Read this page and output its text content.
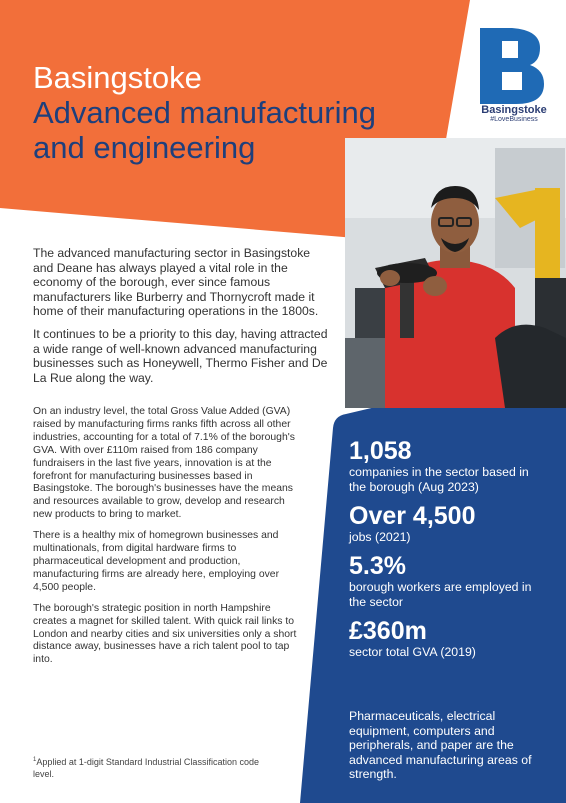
Basingstoke
Advanced manufacturing
and engineering
Basingstoke
#LoveBusiness

The advanced manufacturing sector in Basingstoke and Deane has always played a vital role in the economy of the borough, ever since famous manufacturers like Burberry and Thornycroft made it home of their manufacturing operations in the 1800s.

It continues to be a priority to this day, having attracted a wide range of well-known advanced manufacturing businesses such as Honeywell, Thermo Fisher and De La Rue along the way.

On an industry level, the total Gross Value Added (GVA) raised by manufacturing firms ranks fifth across all other industries, accounting for a total of 7.1% of the borough's GVA. With over £110m raised from 186 company fundraisers in the last five years, innovation is at the forefront for manufacturing businesses based in Basingstoke. The borough's businesses have the means and resources available to grow, develop and research new products to bring to market.

There is a healthy mix of homegrown businesses and multinationals, from digital hardware firms to pharmaceutical development and production, manufacturing firms are already here, employing over 4,500 people.

The borough's strategic position in north Hampshire creates a magnet for skilled talent. With quick rail links to London and nearby cities and six universities only a short distance away, businesses have a rich talent pool to tap into.

$^1$Applied at 1-digit Standard Industrial Classification code level.
1,058
companies in the sector based in the borough (Aug 2023)
Over 4,500
jobs (2021)
5.3%
borough workers are employed in the sector
£360m
sector total GVA (2019)
Pharmaceuticals, electrical equipment, computers and peripherals, and paper are the advanced manufacturing areas of strength.
